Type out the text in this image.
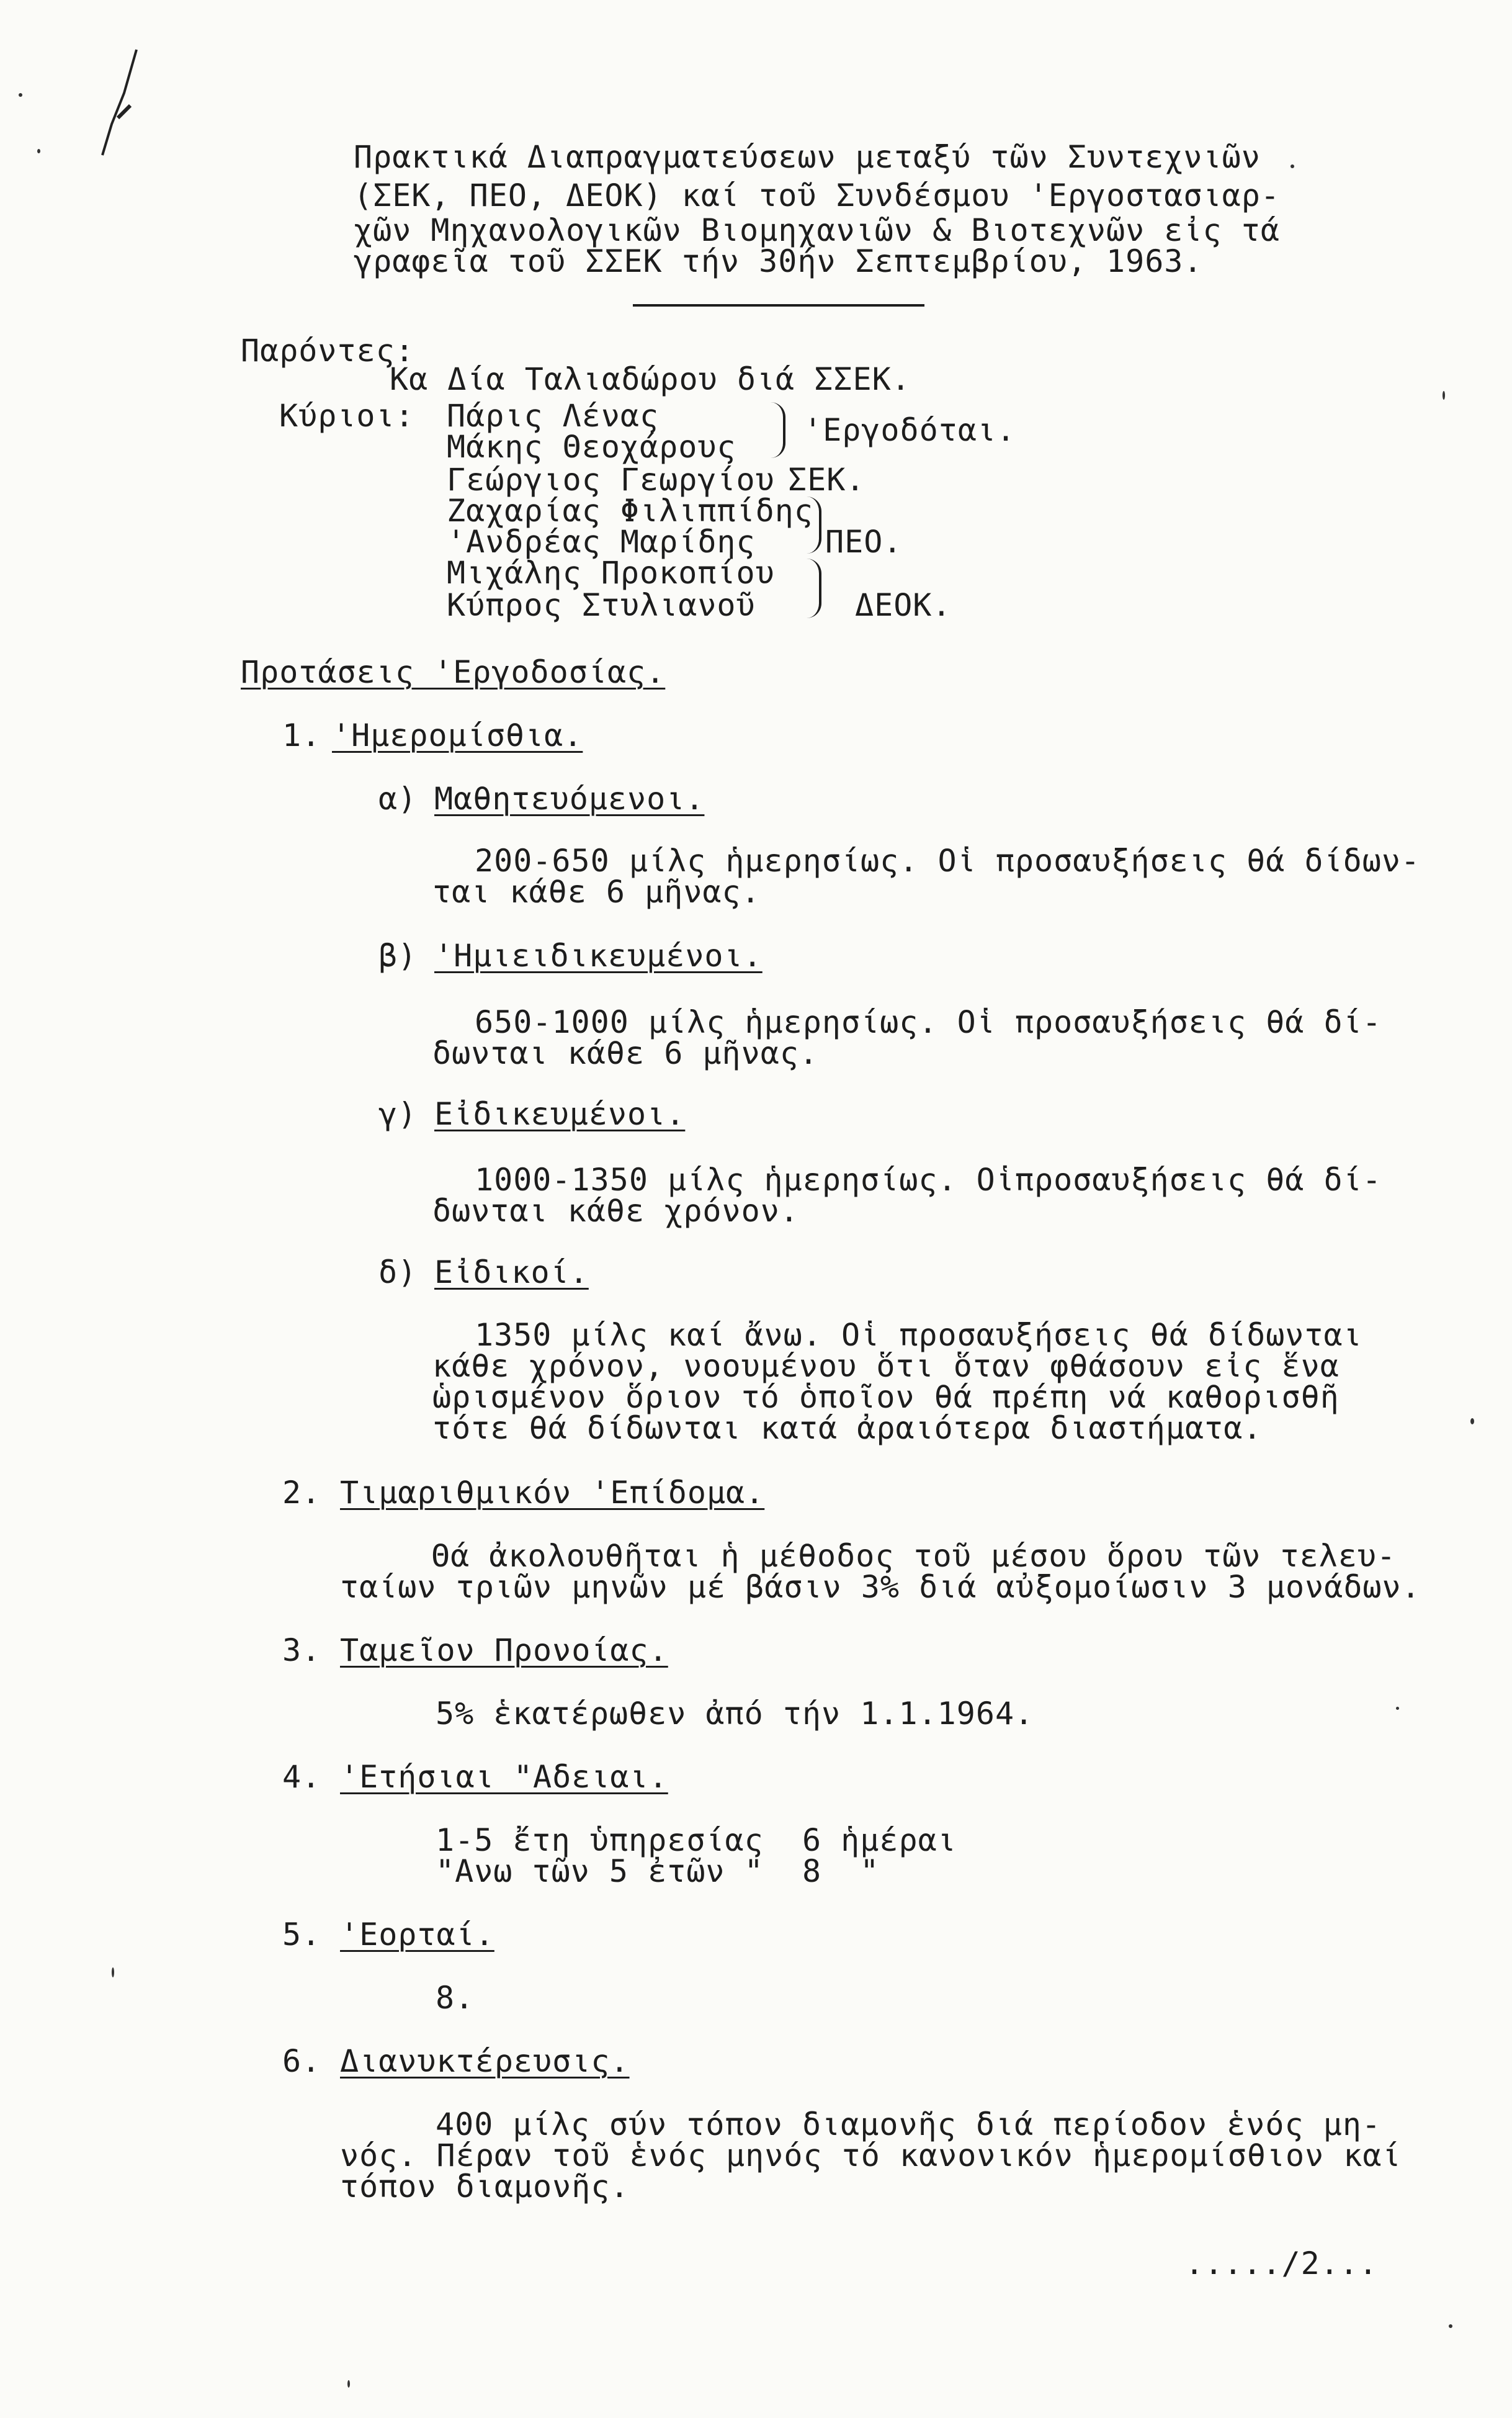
Πρακτικά Διαπραγματεύσεων μεταξύ τῶν Συντεχνιῶν
(ΣΕΚ, ΠΕΟ, ΔΕΟΚ) καί τοῦ Συνδέσμου 'Εργοστασιαρ-
χῶν Μηχανολογικῶν Βιομηχανιῶν & Βιοτεχνῶν εἰς τά
γραφεῖα τοῦ ΣΣΕΚ τήν 30ήν Σεπτεμβρίου, 1963.
Παρόντες:
Κα Δία Ταλιαδώρου διά ΣΣΕΚ.
Κύριοι: Πάρις Λένας
Μάκης Θεοχάρους 'Εργοδόται.
Γεώργιος Γεωργίου ΣΕΚ.
Ζαχαρίας Φιλιππίδης
'Ανδρέας Μαρίδης ΠΕΟ.
Μιχάλης Προκοπίου
Κύπρος Στυλιανοῦ	ΔΕΟΚ.
Προτάσεις 'Εργοδοσίας.
1. 'Ημερομίσθια.
α) Μαθητευόμενοι.
200-650 μίλς ἡμερησίως. Οἱ προσαυξήσεις θά δίδων-
ται κάθε 6 μῆνας.
β) 'Ημιειδικευμένοι.
650-1000 μίλς ἡμερησίως. Οἱ προσαυξήσεις θά δί-
δωνται κάθε 6 μῆνας.
γ) Εἰδικευμένοι.
1000-1350 μίλς ἡμερησίως. Οἱπροσαυξήσεις θά δί-
δωνται κάθε χρόνον.
δ) Εἰδικοί.
1350 μίλς καί ἄνω. Οἱ προσαυξήσεις θά δίδωνται
κάθε χρόνον, νοουμένου ὅτι ὅταν φθάσουν εἰς ἕνα
ὡρισμένον ὅριον τό ὁποῖον θά πρέπη νά καθορισθῆ
τότε θά δίδωνται κατά ἀραιότερα διαστήματα.
2. Τιμαριθμικόν 'Επίδομα.
Θά ἀκολουθῆται ἡ μέθοδος τοῦ μέσου ὅρου τῶν τελευ-
ταίων τριῶν μηνῶν μέ βάσιν 3% διά αὐξομοίωσιν 3 μονάδων.
3. Ταμεῖον Προνοίας.
5% ἑκατέρωθεν ἀπό τήν 1.1.1964.
4. 'Ετήσιαι "Αδειαι.
1-5 ἔτη ὑπηρεσίας  6 ἡμέραι
"Ανω τῶν 5 ἐτῶν "  8  "
5. 'Εορταί.
8.
6. Διανυκτέρευσις.
400 μίλς σύν τόπον διαμονῆς διά περίοδον ἑνός μη-
νός. Πέραν τοῦ ἑνός μηνός τό κανονικόν ἡμερομίσθιον καί
τόπον διαμονῆς.
...../2...
